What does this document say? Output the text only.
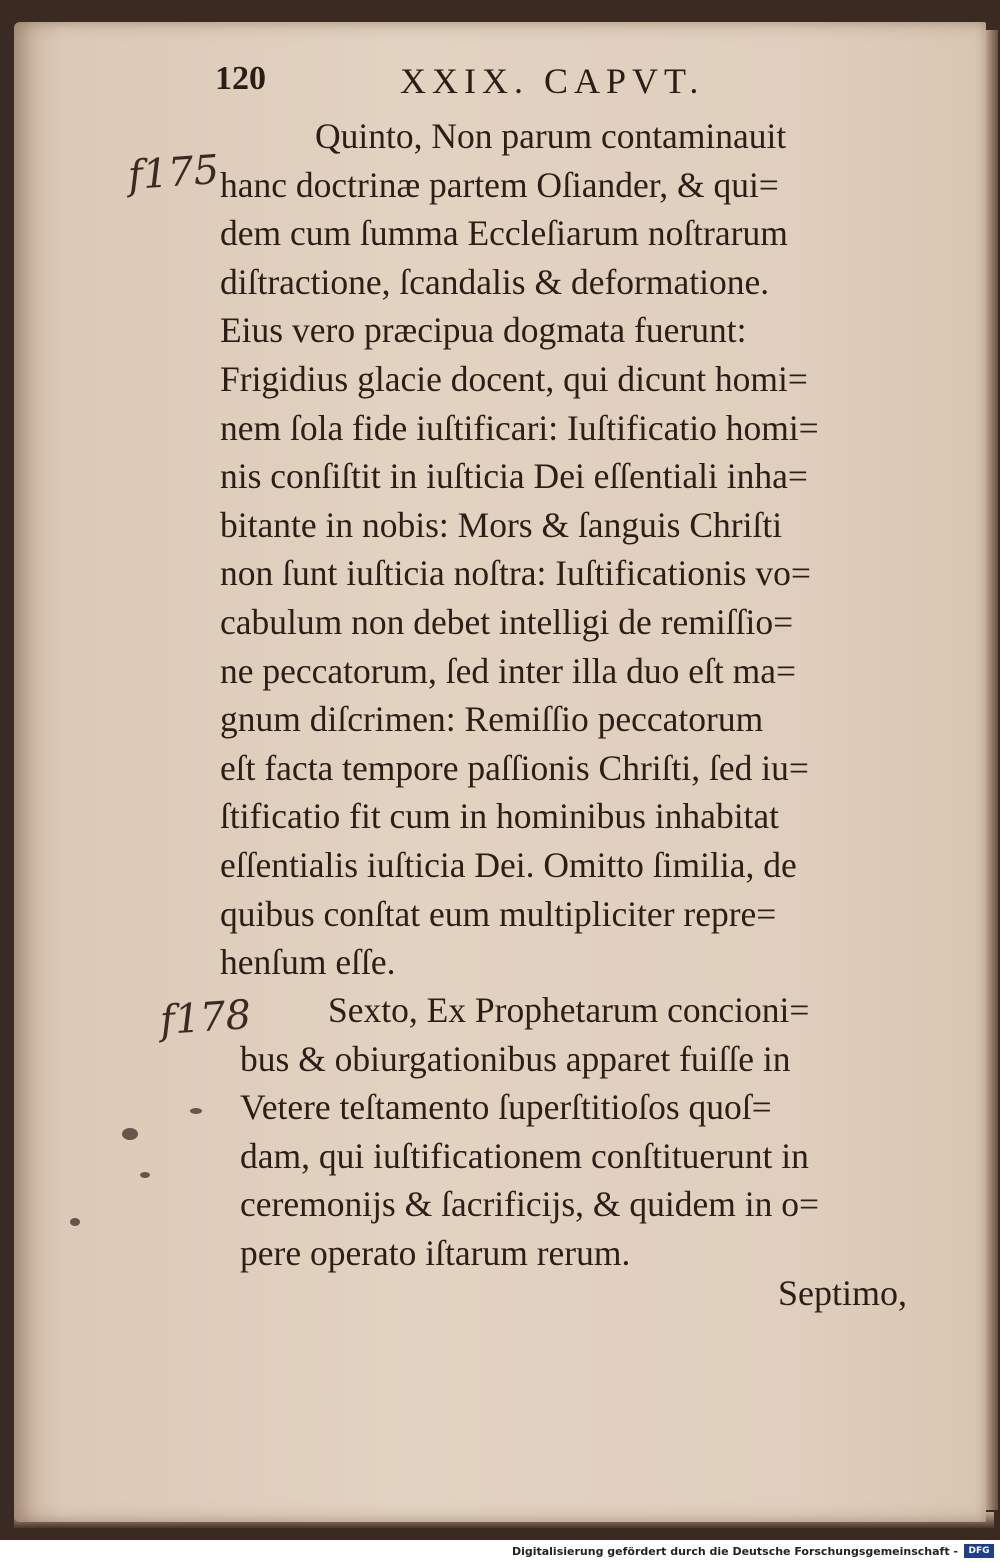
120	XXIX. CAPVT.
f175
f178
Quinto, Non parum contaminauit
hanc doctrinæ partem Oſiander, & qui=
dem cum ſumma Eccleſiarum noſtrarum
diſtractione, ſcandalis & deformatione.
Eius vero præcipua dogmata fuerunt:
Frigidius glacie docent, qui dicunt homi=
nem ſola fide iuſtificari: Iuſtificatio homi=
nis conſiſtit in iuſticia Dei eſſentiali inha=
bitante in nobis: Mors & ſanguis Chriſti
non ſunt iuſticia noſtra: Iuſtificationis vo=
cabulum non debet intelligi de remiſſio=
ne peccatorum, ſed inter illa duo eſt ma=
gnum diſcrimen: Remiſſio peccatorum
eſt facta tempore paſſionis Chriſti, ſed iu=
ſtificatio fit cum in hominibus inhabitat
eſſentialis iuſticia Dei. Omitto ſimilia, de
quibus conſtat eum multipliciter repre=
henſum eſſe.
Sexto, Ex Prophetarum concioni=
bus & obiurgationibus apparet fuiſſe in
Vetere teſtamento ſuperſtitioſos quoſ=
dam, qui iuſtificationem conſtituerunt in
ceremoniјs & ſacrificiјs, & quidem in o=
pere operato iſtarum rerum.
Septimo,
Digitalisierung gefördert durch die Deutsche Forschungsgemeinschaft -	DFG
